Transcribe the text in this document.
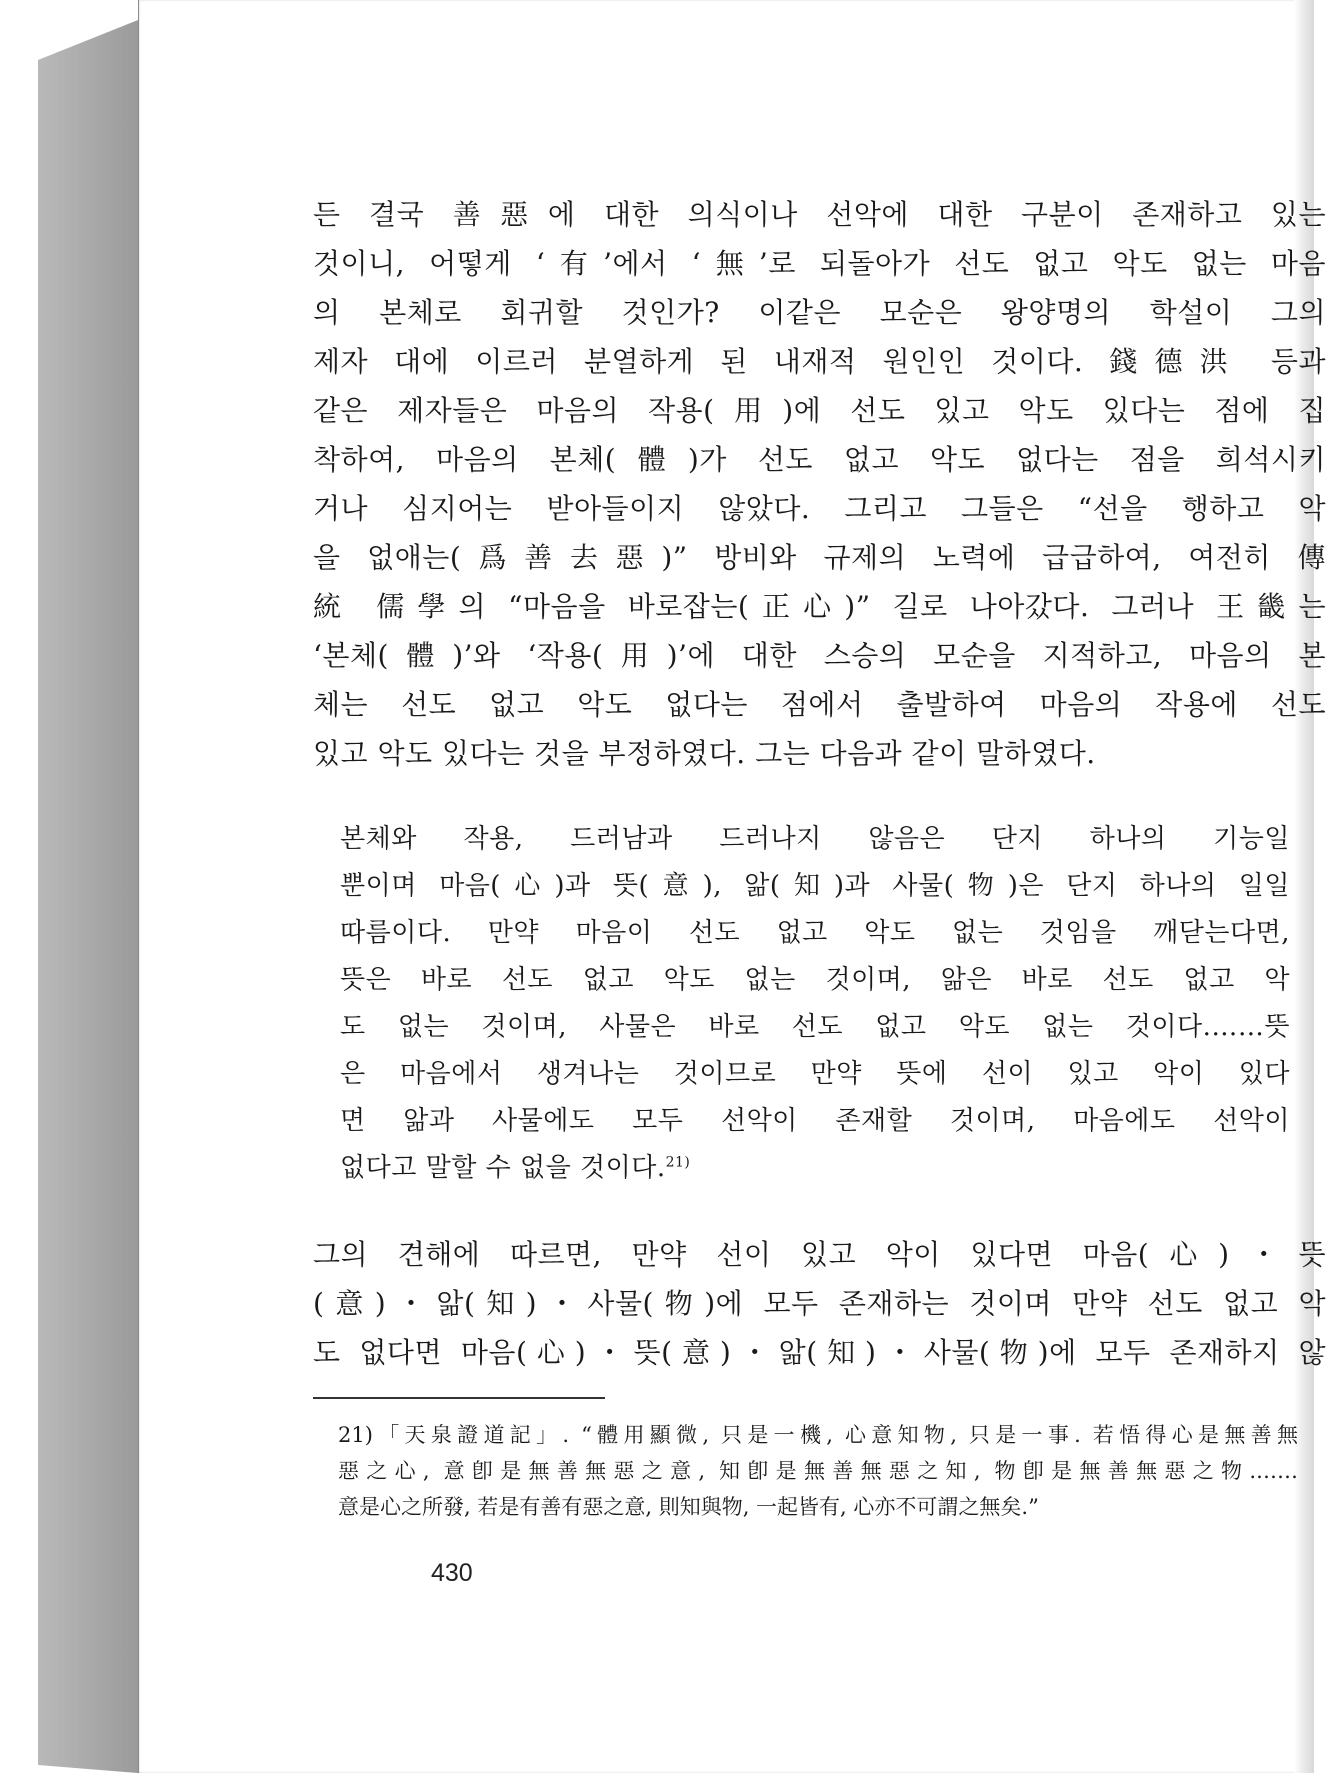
든 결국 善惡에 대한 의식이나 선악에 대한 구분이 존재하고 있는
것이니, 어떻게 ‘有’에서 ‘無’로 되돌아가 선도 없고 악도 없는 마음
의 본체로 회귀할 것인가? 이같은 모순은 왕양명의 학설이 그의
제자 대에 이르러 분열하게 된 내재적 원인인 것이다. 錢德洪 등과
같은 제자들은 마음의 작용(用)에 선도 있고 악도 있다는 점에 집
착하여, 마음의 본체(體)가 선도 없고 악도 없다는 점을 희석시키
거나 심지어는 받아들이지 않았다. 그리고 그들은 “선을 행하고 악
을 없애는(爲善去惡)” 방비와 규제의 노력에 급급하여, 여전히 傳
統 儒學의 “마음을 바로잡는(正心)” 길로 나아갔다. 그러나 王畿는
‘본체(體)’와 ‘작용(用)’에 대한 스승의 모순을 지적하고, 마음의 본
체는 선도 없고 악도 없다는 점에서 출발하여 마음의 작용에 선도
있고 악도 있다는 것을 부정하였다. 그는 다음과 같이 말하였다.
본체와 작용, 드러남과 드러나지 않음은 단지 하나의 기능일
뿐이며 마음(心)과 뜻(意), 앎(知)과 사물(物)은 단지 하나의 일일
따름이다. 만약 마음이 선도 없고 악도 없는 것임을 깨닫는다면,
뜻은 바로 선도 없고 악도 없는 것이며, 앎은 바로 선도 없고 악
도 없는 것이며, 사물은 바로 선도 없고 악도 없는 것이다.……뜻
은 마음에서 생겨나는 것이므로 만약 뜻에 선이 있고 악이 있다
면 앎과 사물에도 모두 선악이 존재할 것이며, 마음에도 선악이
없다고 말할 수 없을 것이다.$^{21)}$
그의 견해에 따르면, 만약 선이 있고 악이 있다면 마음(心)・뜻
(意)・앎(知)・사물(物)에 모두 존재하는 것이며 만약 선도 없고 악
도 없다면 마음(心)・뜻(意)・앎(知)・사물(物)에 모두 존재하지 않
21)「天泉證道記」. “體用顯微, 只是一機, 心意知物, 只是一事. 若悟得心是無善無
惡之心, 意卽是無善無惡之意, 知卽是無善無惡之知, 物卽是無善無惡之物.……
意是心之所發, 若是有善有惡之意, 則知與物, 一起皆有, 心亦不可謂之無矣.”
430
